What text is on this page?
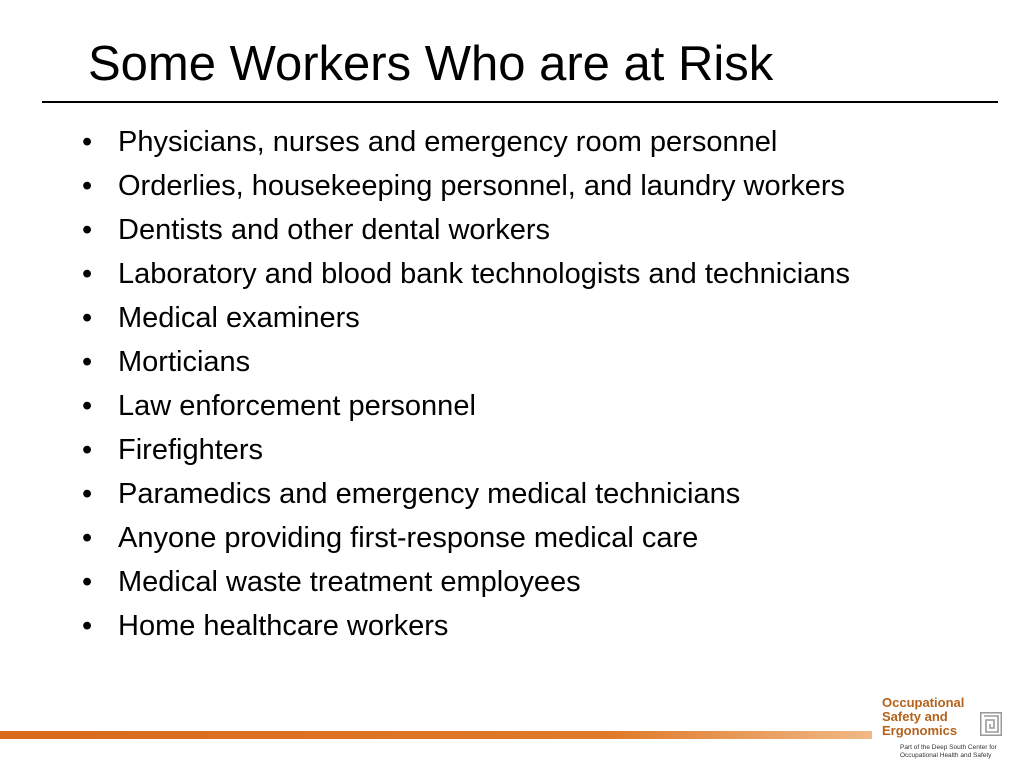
Some Workers Who are at Risk
• Physicians, nurses and emergency room personnel
• Orderlies, housekeeping personnel, and laundry workers
• Dentists and other dental workers
• Laboratory and blood bank technologists and technicians
• Medical examiners
• Morticians
• Law enforcement personnel
• Firefighters
• Paramedics and emergency medical technicians
• Anyone providing first-response medical care
• Medical waste treatment employees
• Home healthcare workers
Occupational
Safety and
Ergonomics
Part of the Deep South Center for
Occupational Health and Safety
